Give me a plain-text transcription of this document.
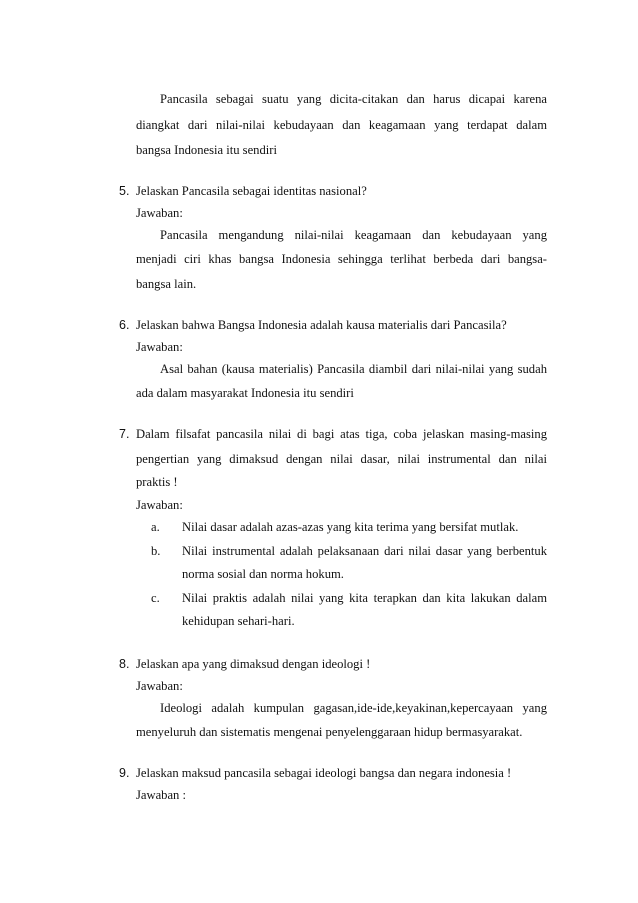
Pancasila sebagai suatu yang dicita-citakan dan harus dicapai karena
diangkat dari nilai-nilai kebudayaan dan keagamaan yang terdapat dalam
bangsa Indonesia itu sendiri
5. Jelaskan Pancasila sebagai identitas nasional?
Jawaban:
Pancasila mengandung nilai-nilai keagamaan dan kebudayaan yang
menjadi ciri khas bangsa Indonesia sehingga terlihat berbeda dari bangsa-
bangsa lain.
6. Jelaskan bahwa Bangsa Indonesia adalah kausa materialis dari Pancasila?
Jawaban:
Asal bahan (kausa materialis) Pancasila diambil dari nilai-nilai yang sudah
ada dalam masyarakat Indonesia itu sendiri
7. Dalam filsafat pancasila nilai di bagi atas tiga, coba jelaskan masing-masing
pengertian yang dimaksud dengan nilai dasar, nilai instrumental dan nilai
praktis !
Jawaban:
a. Nilai dasar adalah azas-azas yang kita terima yang bersifat mutlak.
b. Nilai instrumental adalah pelaksanaan dari nilai dasar yang berbentuk
norma sosial dan norma hokum.
c. Nilai praktis adalah nilai yang kita terapkan dan kita lakukan dalam
kehidupan sehari-hari.
8. Jelaskan apa yang dimaksud dengan ideologi !
Jawaban:
Ideologi adalah kumpulan gagasan,ide-ide,keyakinan,kepercayaan yang
menyeluruh dan sistematis mengenai penyelenggaraan hidup bermasyarakat.
9. Jelaskan maksud pancasila sebagai ideologi bangsa dan negara indonesia !
Jawaban :
